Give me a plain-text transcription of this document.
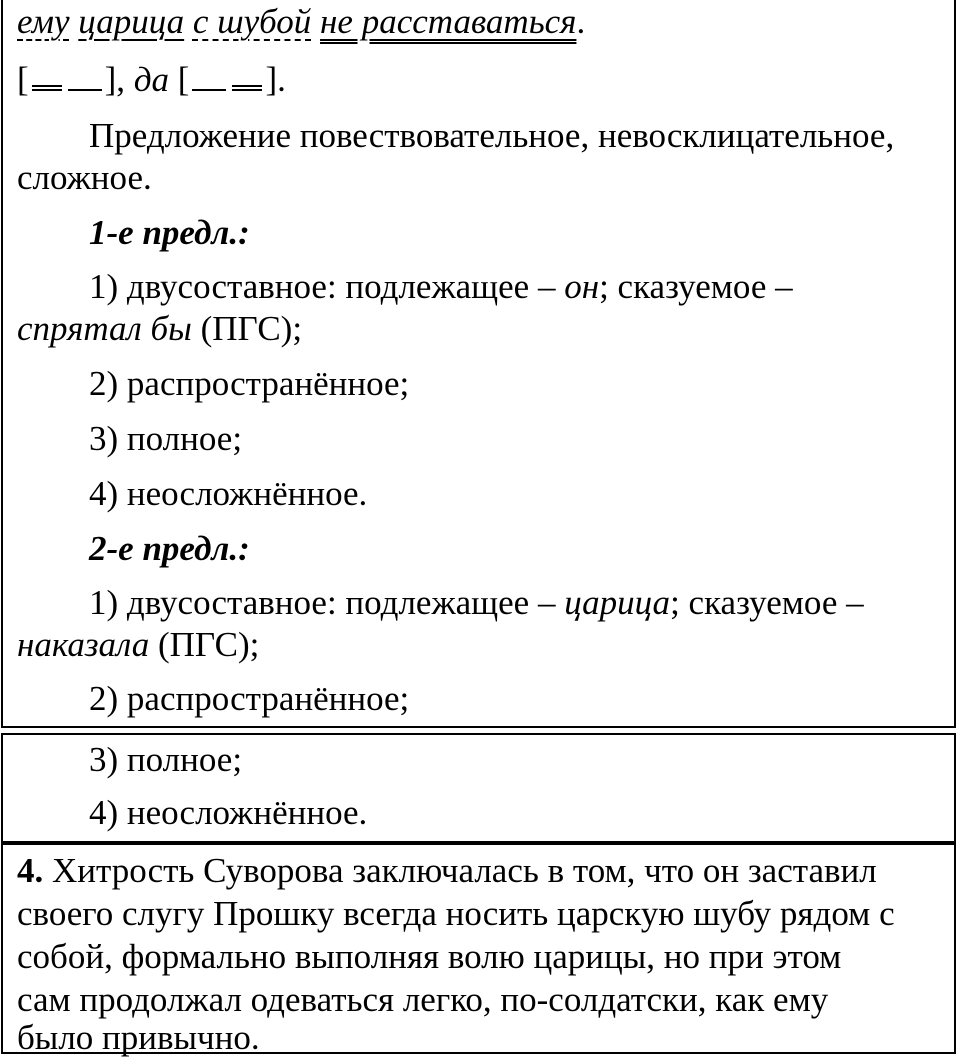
ему царица с шубой не расставаться.
[ ], да [ ].
Предложение повествовательное, невосклицательное,
сложное.
1-е предл.:
1) двусоставное: подлежащее – он; сказуемое –
спрятал бы (ПГС);
2) распространённое;
3) полное;
4) неосложнённое.
2-е предл.:
1) двусоставное: подлежащее – царица; сказуемое –
наказала (ПГС);
2) распространённое;
3) полное;
4) неосложнённое.
4. Хитрость Суворова заключалась в том, что он заставил
своего слугу Прошку всегда носить царскую шубу рядом с
собой, формально выполняя волю царицы, но при этом
сам продолжал одеваться легко, по-солдатски, как ему
было привычно.
